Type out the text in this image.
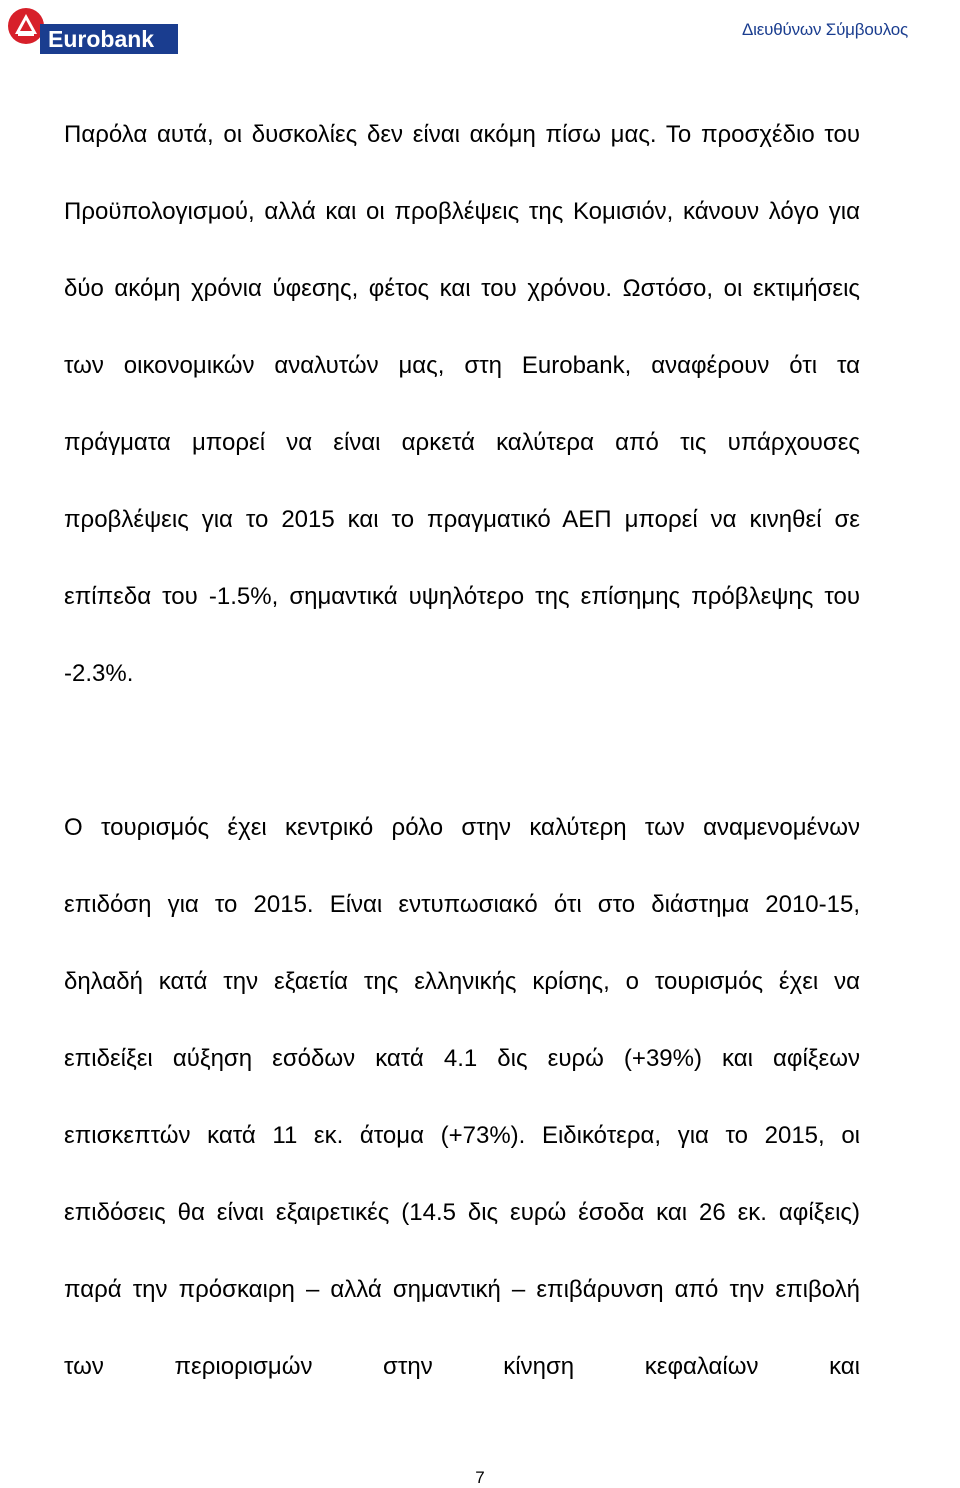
Eurobank	Διευθύνων Σύμβουλος

Παρόλα αυτά, οι δυσκολίες δεν είναι ακόμη πίσω μας. Το προσχέδιο του Προϋπολογισμού, αλλά και οι προβλέψεις της Κομισιόν, κάνουν λόγο για δύο ακόμη χρόνια ύφεσης, φέτος και του χρόνου. Ωστόσο, οι εκτιμήσεις των οικονομικών αναλυτών μας, στη Eurobank, αναφέρουν ότι τα πράγματα μπορεί να είναι αρκετά καλύτερα από τις υπάρχουσες προβλέψεις για το 2015 και το πραγματικό ΑΕΠ μπορεί να κινηθεί σε επίπεδα του -1.5%, σημαντικά υψηλότερο της επίσημης πρόβλεψης του -2.3%.

Ο τουρισμός έχει κεντρικό ρόλο στην καλύτερη των αναμενομένων επιδόση για το 2015. Είναι εντυπωσιακό ότι στο διάστημα 2010-15, δηλαδή κατά την εξαετία της ελληνικής κρίσης, ο τουρισμός έχει να επιδείξει αύξηση εσόδων κατά 4.1 δις ευρώ (+39%) και αφίξεων επισκεπτών κατά 11 εκ. άτομα (+73%). Ειδικότερα, για το 2015, οι επιδόσεις θα είναι εξαιρετικές (14.5 δις ευρώ έσοδα και 26 εκ. αφίξεις) παρά την πρόσκαιρη – αλλά σημαντική – επιβάρυνση από την επιβολή των περιορισμών στην κίνηση κεφαλαίων και

7
